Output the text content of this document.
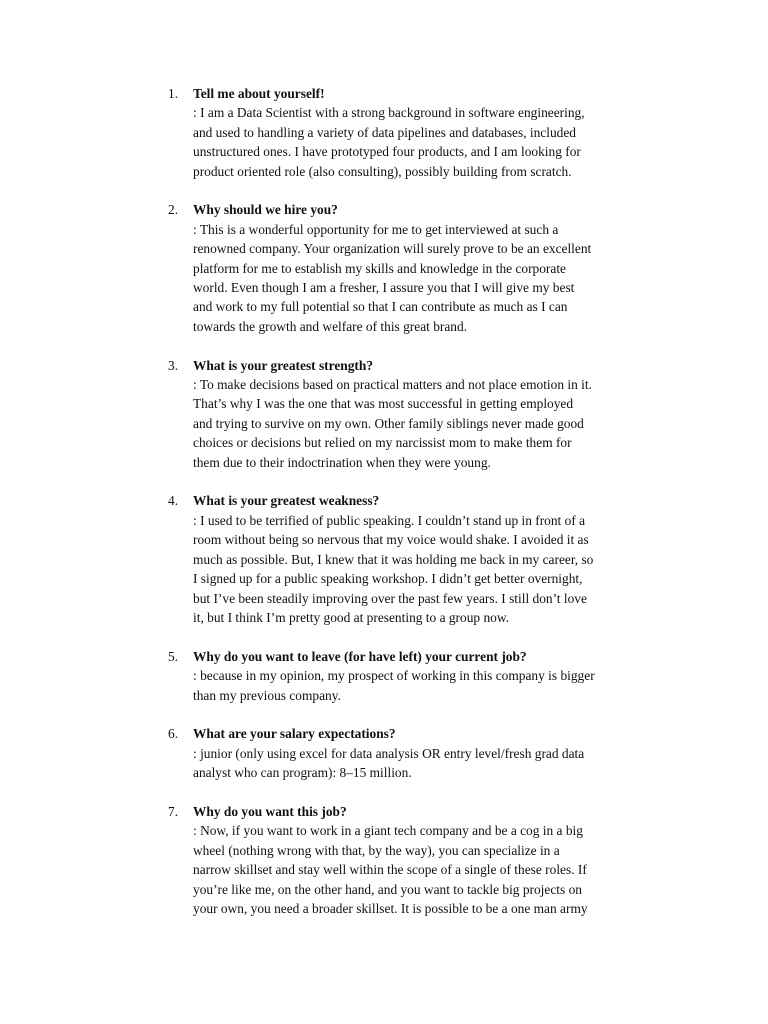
1.	Tell me about yourself!
: I am a Data Scientist with a strong background in software engineering,
and used to handling a variety of data pipelines and databases, included
unstructured ones. I have prototyped four products, and I am looking for
product oriented role (also consulting), possibly building from scratch.
2.	Why should we hire you?
: This is a wonderful opportunity for me to get interviewed at such a
renowned company. Your organization will surely prove to be an excellent
platform for me to establish my skills and knowledge in the corporate
world. Even though I am a fresher, I assure you that I will give my best
and work to my full potential so that I can contribute as much as I can
towards the growth and welfare of this great brand.
3.	What is your greatest strength?
: To make decisions based on practical matters and not place emotion in it.
That’s why I was the one that was most successful in getting employed
and trying to survive on my own. Other family siblings never made good
choices or decisions but relied on my narcissist mom to make them for
them due to their indoctrination when they were young.
4.	What is your greatest weakness?
: I used to be terrified of public speaking. I couldn’t stand up in front of a
room without being so nervous that my voice would shake. I avoided it as
much as possible. But, I knew that it was holding me back in my career, so
I signed up for a public speaking workshop. I didn’t get better overnight,
but I’ve been steadily improving over the past few years. I still don’t love
it, but I think I’m pretty good at presenting to a group now.
5.	Why do you want to leave (for have left) your current job?
: because in my opinion, my prospect of working in this company is bigger
than my previous company.
6.	What are your salary expectations?
: junior (only using excel for data analysis OR entry level/fresh grad data
analyst who can program): 8–15 million.
7.	Why do you want this job?
: Now, if you want to work in a giant tech company and be a cog in a big
wheel (nothing wrong with that, by the way), you can specialize in a
narrow skillset and stay well within the scope of a single of these roles. If
you’re like me, on the other hand, and you want to tackle big projects on
your own, you need a broader skillset. It is possible to be a one man army
